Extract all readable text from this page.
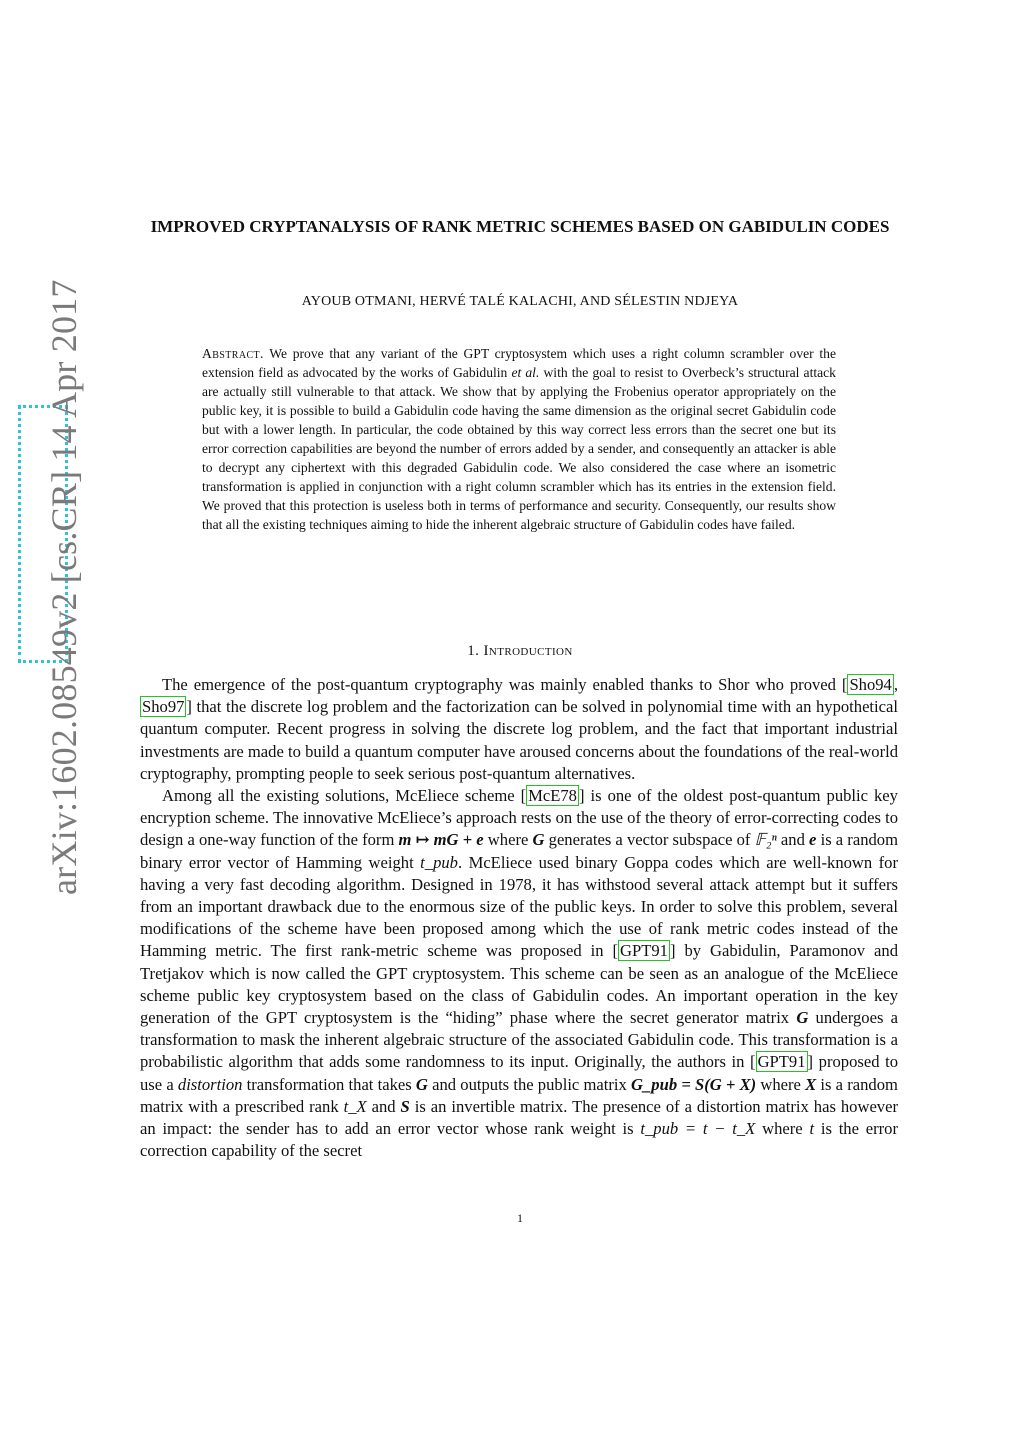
arXiv:1602.08549v2 [cs.CR] 14 Apr 2017
IMPROVED CRYPTANALYSIS OF RANK METRIC SCHEMES BASED ON GABIDULIN CODES
AYOUB OTMANI, HERVÉ TALÉ KALACHI, AND SÉLESTIN NDJEYA
Abstract. We prove that any variant of the GPT cryptosystem which uses a right column scrambler over the extension field as advocated by the works of Gabidulin et al. with the goal to resist to Overbeck’s structural attack are actually still vulnerable to that attack. We show that by applying the Frobenius operator appropriately on the public key, it is possible to build a Gabidulin code having the same dimension as the original secret Gabidulin code but with a lower length. In particular, the code obtained by this way correct less errors than the secret one but its error correction capabilities are beyond the number of errors added by a sender, and consequently an attacker is able to decrypt any ciphertext with this degraded Gabidulin code. We also considered the case where an isometric transformation is applied in conjunction with a right column scrambler which has its entries in the extension field. We proved that this protection is useless both in terms of performance and security. Consequently, our results show that all the existing techniques aiming to hide the inherent algebraic structure of Gabidulin codes have failed.
1. Introduction

The emergence of the post-quantum cryptography was mainly enabled thanks to Shor who proved [ Sho94 , Sho97 ] that the discrete log problem and the factorization can be solved in polynomial time with an hypothetical quantum computer. Recent progress in solving the discrete log problem, and the fact that important industrial investments are made to build a quantum computer have aroused concerns about the foundations of the real-world cryptography, prompting people to seek serious post-quantum alternatives.

Among all the existing solutions, McEliece scheme [ McE78 ] is one of the oldest post-quantum public key encryption scheme. The innovative McEliece’s approach rests on the use of the theory of error-correcting codes to design a one-way function of the form m ↦ mG + e where G generates a vector subspace of 𝔽₂ⁿ and e is a random binary error vector of Hamming weight t_pub. McEliece used binary Goppa codes which are well-known for having a very fast decoding algorithm. Designed in 1978, it has withstood several attack attempt but it suffers from an important drawback due to the enormous size of the public keys. In order to solve this problem, several modifications of the scheme have been proposed among which the use of rank metric codes instead of the Hamming metric. The first rank-metric scheme was proposed in [ GPT91 ] by Gabidulin, Paramonov and Tretjakov which is now called the GPT cryptosystem. This scheme can be seen as an analogue of the McEliece scheme public key cryptosystem based on the class of Gabidulin codes. An important operation in the key generation of the GPT cryptosystem is the “hiding” phase where the secret generator matrix G undergoes a transformation to mask the inherent algebraic structure of the associated Gabidulin code. This transformation is a probabilistic algorithm that adds some randomness to its input. Originally, the authors in [ GPT91 ] proposed to use a distortion transformation that takes G and outputs the public matrix G_pub = S(G + X) where X is a random matrix with a prescribed rank t_X and S is an invertible matrix. The presence of a distortion matrix has however an impact: the sender has to add an error vector whose rank weight is t_pub = t − t_X where t is the error correction capability of the secret

1
